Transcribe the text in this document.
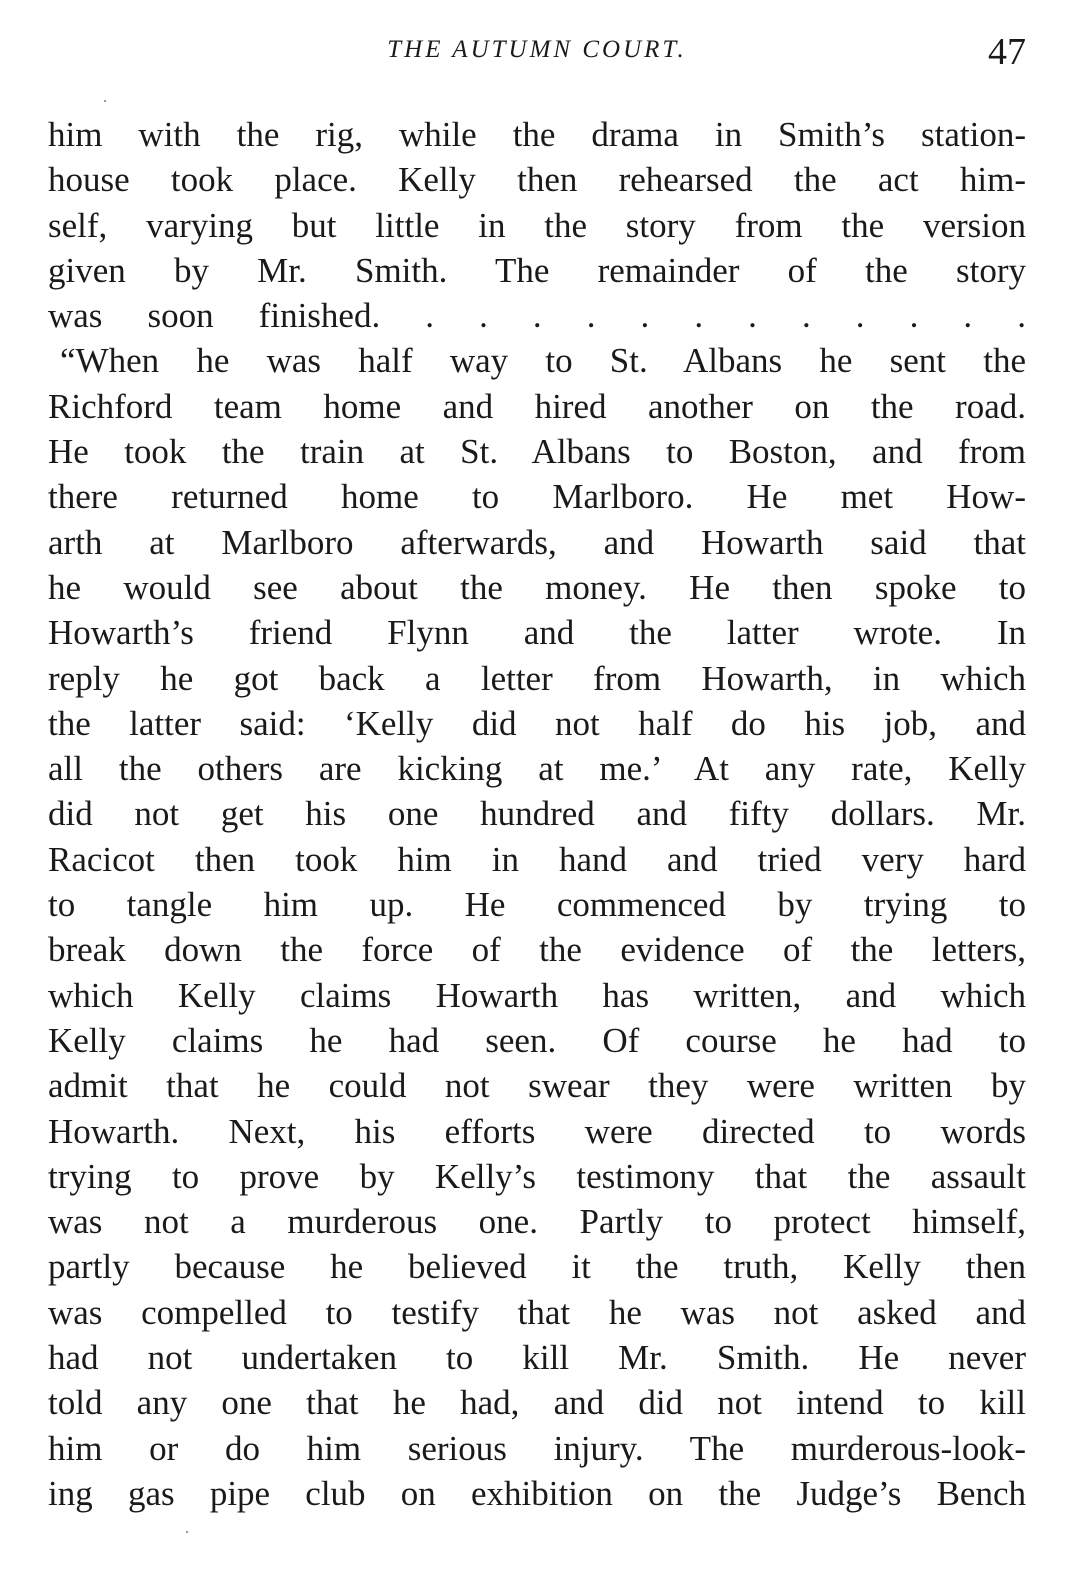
THE AUTUMN COURT.	47
him with the rig, while the drama in Smith’s station-
house took place. Kelly then rehearsed the act him-
self, varying but little in the story from the version
given by Mr. Smith. The remainder of the story
was soon finished. . . . . . . . . . . . .
“When he was half way to St. Albans he sent the
Richford team home and hired another on the road.
He took the train at St. Albans to Boston, and from
there returned home to Marlboro. He met How-
arth at Marlboro afterwards, and Howarth said that
he would see about the money. He then spoke to
Howarth’s friend Flynn and the latter wrote. In
reply he got back a letter from Howarth, in which
the latter said: ‘Kelly did not half do his job, and
all the others are kicking at me.’ At any rate, Kelly
did not get his one hundred and fifty dollars. Mr.
Racicot then took him in hand and tried very hard
to tangle him up. He commenced by trying to
break down the force of the evidence of the letters,
which Kelly claims Howarth has written, and which
Kelly claims he had seen. Of course he had to
admit that he could not swear they were written by
Howarth. Next, his efforts were directed to words
trying to prove by Kelly’s testimony that the assault
was not a murderous one. Partly to protect himself,
partly because he believed it the truth, Kelly then
was compelled to testify that he was not asked and
had not undertaken to kill Mr. Smith. He never
told any one that he had, and did not intend to kill
him or do him serious injury. The murderous-look-
ing gas pipe club on exhibition on the Judge’s Bench
